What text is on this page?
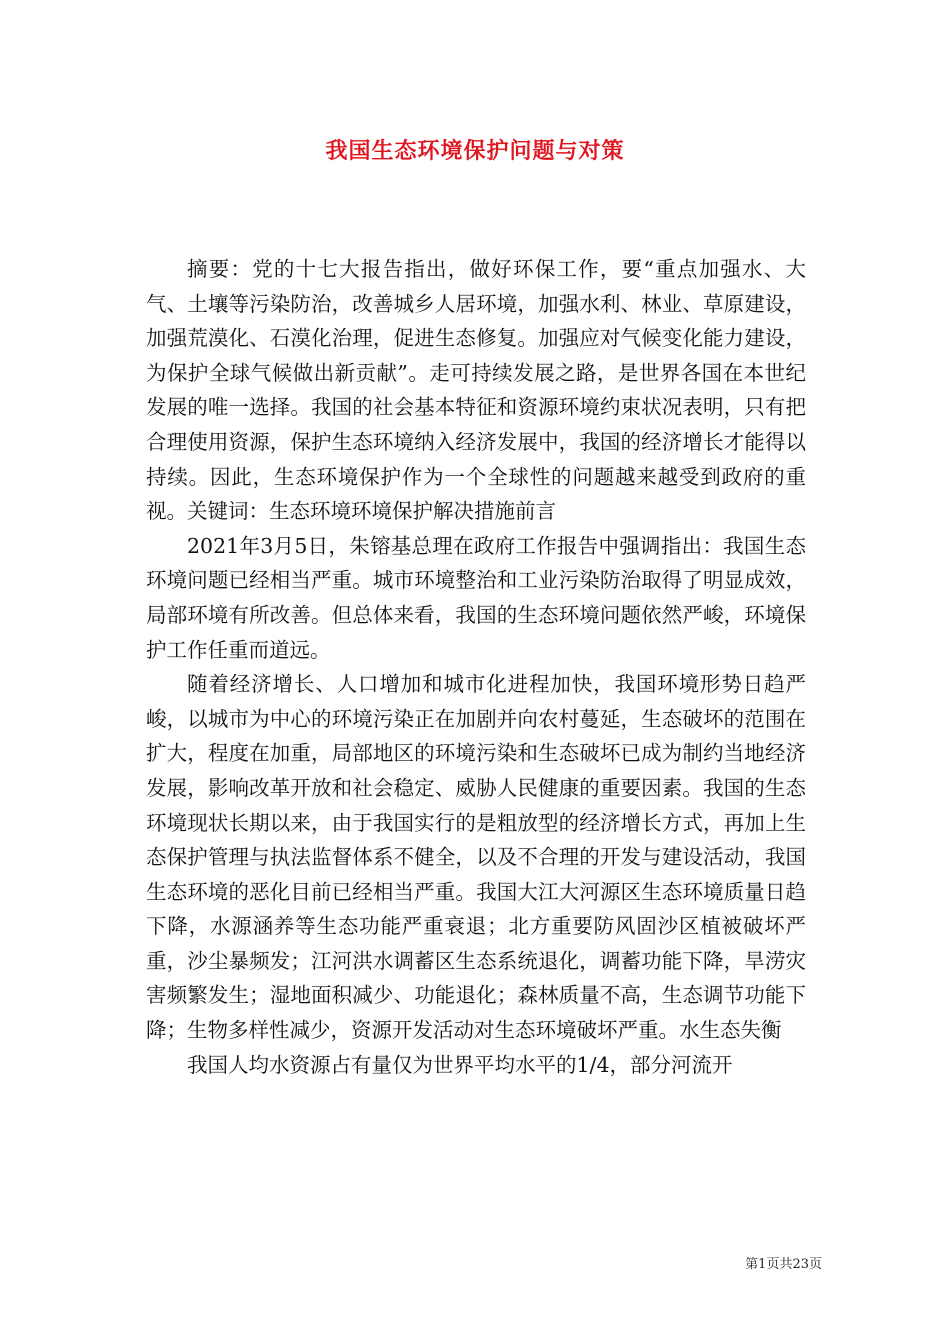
我国生态环境保护问题与对策

摘要：党的十七大报告指出，做好环保工作，要“重点加强水、大气、土壤等污染防治，改善城乡人居环境，加强水利、林业、草原建设，加强荒漠化、石漠化治理，促进生态修复。加强应对气候变化能力建设，为保护全球气候做出新贡献”。走可持续发展之路，是世界各国在本世纪发展的唯一选择。我国的社会基本特征和资源环境约束状况表明，只有把合理使用资源，保护生态环境纳入经济发展中，我国的经济增长才能得以持续。因此，生态环境保护作为一个全球性的问题越来越受到政府的重视。关键词：生态环境环境保护解决措施前言

2021年3月5日，朱镕基总理在政府工作报告中强调指出：我国生态环境问题已经相当严重。城市环境整治和工业污染防治取得了明显成效，局部环境有所改善。但总体来看，我国的生态环境问题依然严峻，环境保护工作任重而道远。

随着经济增长、人口增加和城市化进程加快，我国环境形势日趋严峻，以城市为中心的环境污染正在加剧并向农村蔓延，生态破坏的范围在扩大，程度在加重，局部地区的环境污染和生态破坏已成为制约当地经济发展，影响改革开放和社会稳定、威胁人民健康的重要因素。我国的生态环境现状长期以来，由于我国实行的是粗放型的经济增长方式，再加上生态保护管理与执法监督体系不健全，以及不合理的开发与建设活动，我国生态环境的恶化目前已经相当严重。我国大江大河源区生态环境质量日趋下降，水源涵养等生态功能严重衰退；北方重要防风固沙区植被破坏严重，沙尘暴频发；江河洪水调蓄区生态系统退化，调蓄功能下降，旱涝灾害频繁发生；湿地面积减少、功能退化；森林质量不高，生态调节功能下降；生物多样性减少，资源开发活动对生态环境破坏严重。水生态失衡

我国人均水资源占有量仅为世界平均水平的1/4，部分河流开

第1页共23页
